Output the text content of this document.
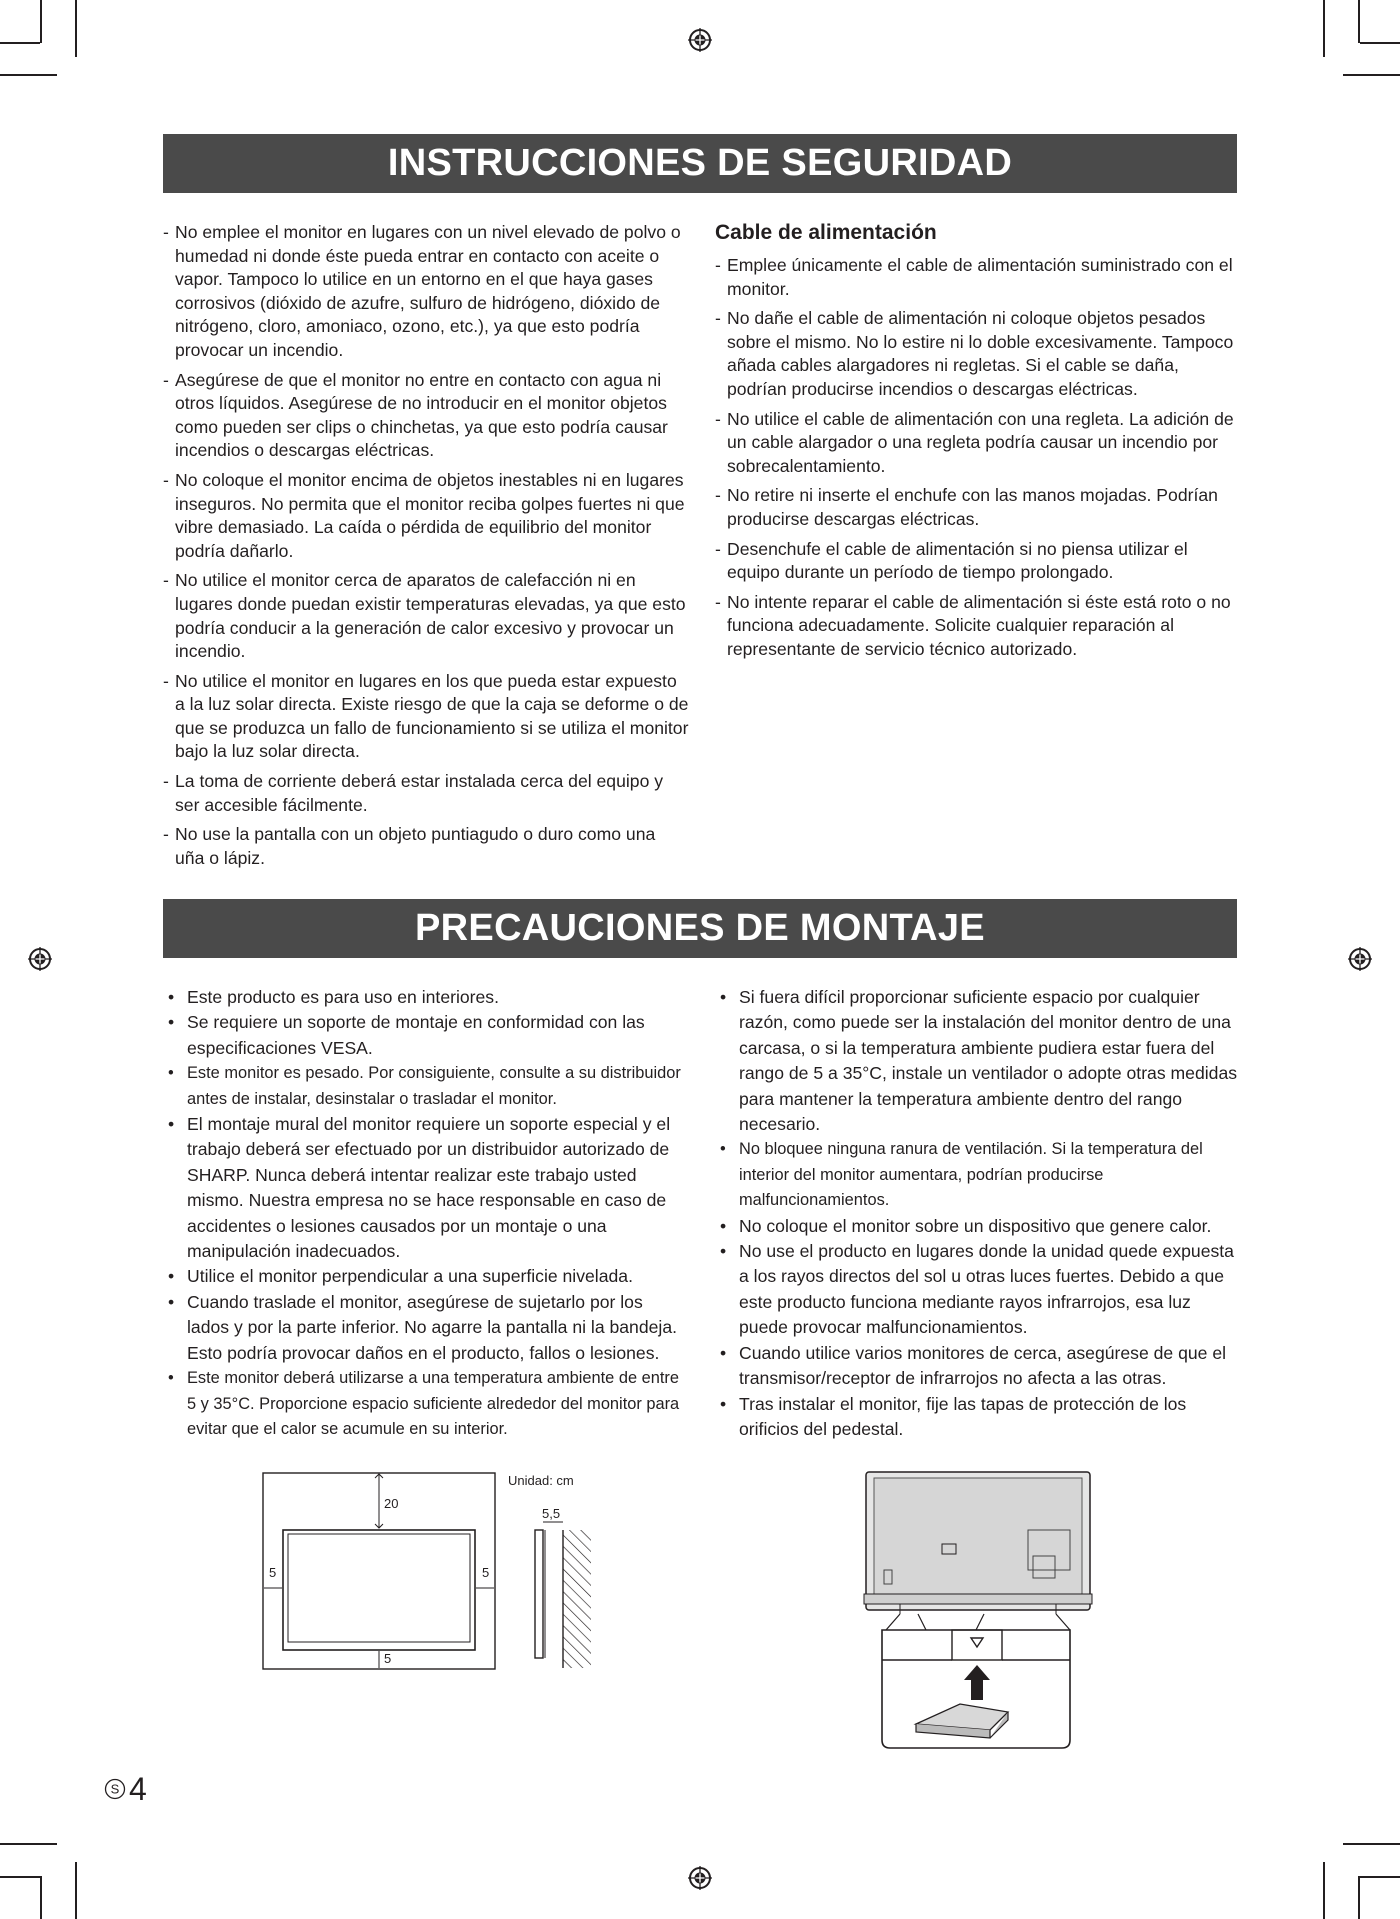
INSTRUCCIONES DE SEGURIDAD
- No emplee el monitor en lugares con un nivel elevado de polvo o humedad ni donde éste pueda entrar en contacto con aceite o vapor. Tampoco lo utilice en un entorno en el que haya gases corrosivos (dióxido de azufre, sulfuro de hidrógeno, dióxido de nitrógeno, cloro, amoniaco, ozono, etc.), ya que esto podría provocar un incendio.
- Asegúrese de que el monitor no entre en contacto con agua ni otros líquidos. Asegúrese de no introducir en el monitor objetos como pueden ser clips o chinchetas, ya que esto podría causar incendios o descargas eléctricas.
- No coloque el monitor encima de objetos inestables ni en lugares inseguros. No permita que el monitor reciba golpes fuertes ni que vibre demasiado. La caída o pérdida de equilibrio del monitor podría dañarlo.
- No utilice el monitor cerca de aparatos de calefacción ni en lugares donde puedan existir temperaturas elevadas, ya que esto podría conducir a la generación de calor excesivo y provocar un incendio.
- No utilice el monitor en lugares en los que pueda estar expuesto a la luz solar directa. Existe riesgo de que la caja se deforme o de que se produzca un fallo de funcionamiento si se utiliza el monitor bajo la luz solar directa.
- La toma de corriente deberá estar instalada cerca del equipo y ser accesible fácilmente.
- No use la pantalla con un objeto puntiagudo o duro como una uña o lápiz.
Cable de alimentación
- Emplee únicamente el cable de alimentación suministrado con el monitor.
- No dañe el cable de alimentación ni coloque objetos pesados sobre el mismo. No lo estire ni lo doble excesivamente. Tampoco añada cables alargadores ni regletas. Si el cable se daña, podrían producirse incendios o descargas eléctricas.
- No utilice el cable de alimentación con una regleta. La adición de un cable alargador o una regleta podría causar un incendio por sobrecalentamiento.
- No retire ni inserte el enchufe con las manos mojadas. Podrían producirse descargas eléctricas.
- Desenchufe el cable de alimentación si no piensa utilizar el equipo durante un período de tiempo prolongado.
- No intente reparar el cable de alimentación si éste está roto o no funciona adecuadamente. Solicite cualquier reparación al representante de servicio técnico autorizado.
PRECAUCIONES DE MONTAJE
• Este producto es para uso en interiores.
• Se requiere un soporte de montaje en conformidad con las especificaciones VESA.
• Este monitor es pesado. Por consiguiente, consulte a su distribuidor antes de instalar, desinstalar o trasladar el monitor.
• El montaje mural del monitor requiere un soporte especial y el trabajo deberá ser efectuado por un distribuidor autorizado de SHARP. Nunca deberá intentar realizar este trabajo usted mismo. Nuestra empresa no se hace responsable en caso de accidentes o lesiones causados por un montaje o una manipulación inadecuados.
• Utilice el monitor perpendicular a una superficie nivelada.
• Cuando traslade el monitor, asegúrese de sujetarlo por los lados y por la parte inferior. No agarre la pantalla ni la bandeja. Esto podría provocar daños en el producto, fallos o lesiones.
• Este monitor deberá utilizarse a una temperatura ambiente de entre 5 y 35°C. Proporcione espacio suficiente alrededor del monitor para evitar que el calor se acumule en su interior.
• Si fuera difícil proporcionar suficiente espacio por cualquier razón, como puede ser la instalación del monitor dentro de una carcasa, o si la temperatura ambiente pudiera estar fuera del rango de 5 a 35°C, instale un ventilador o adopte otras medidas para mantener la temperatura ambiente dentro del rango necesario.
• No bloquee ninguna ranura de ventilación. Si la temperatura del interior del monitor aumentara, podrían producirse malfuncionamientos.
• No coloque el monitor sobre un dispositivo que genere calor.
• No use el producto en lugares donde la unidad quede expuesta a los rayos directos del sol u otras luces fuertes. Debido a que este producto funciona mediante rayos infrarrojos, esa luz puede provocar malfuncionamientos.
• Cuando utilice varios monitores de cerca, asegúrese de que el transmisor/receptor de infrarrojos no afecta a las otras.
• Tras instalar el monitor, fije las tapas de protección de los orificios del pedestal.
Unidad: cm
20
5	5
5
5,5
S 4
